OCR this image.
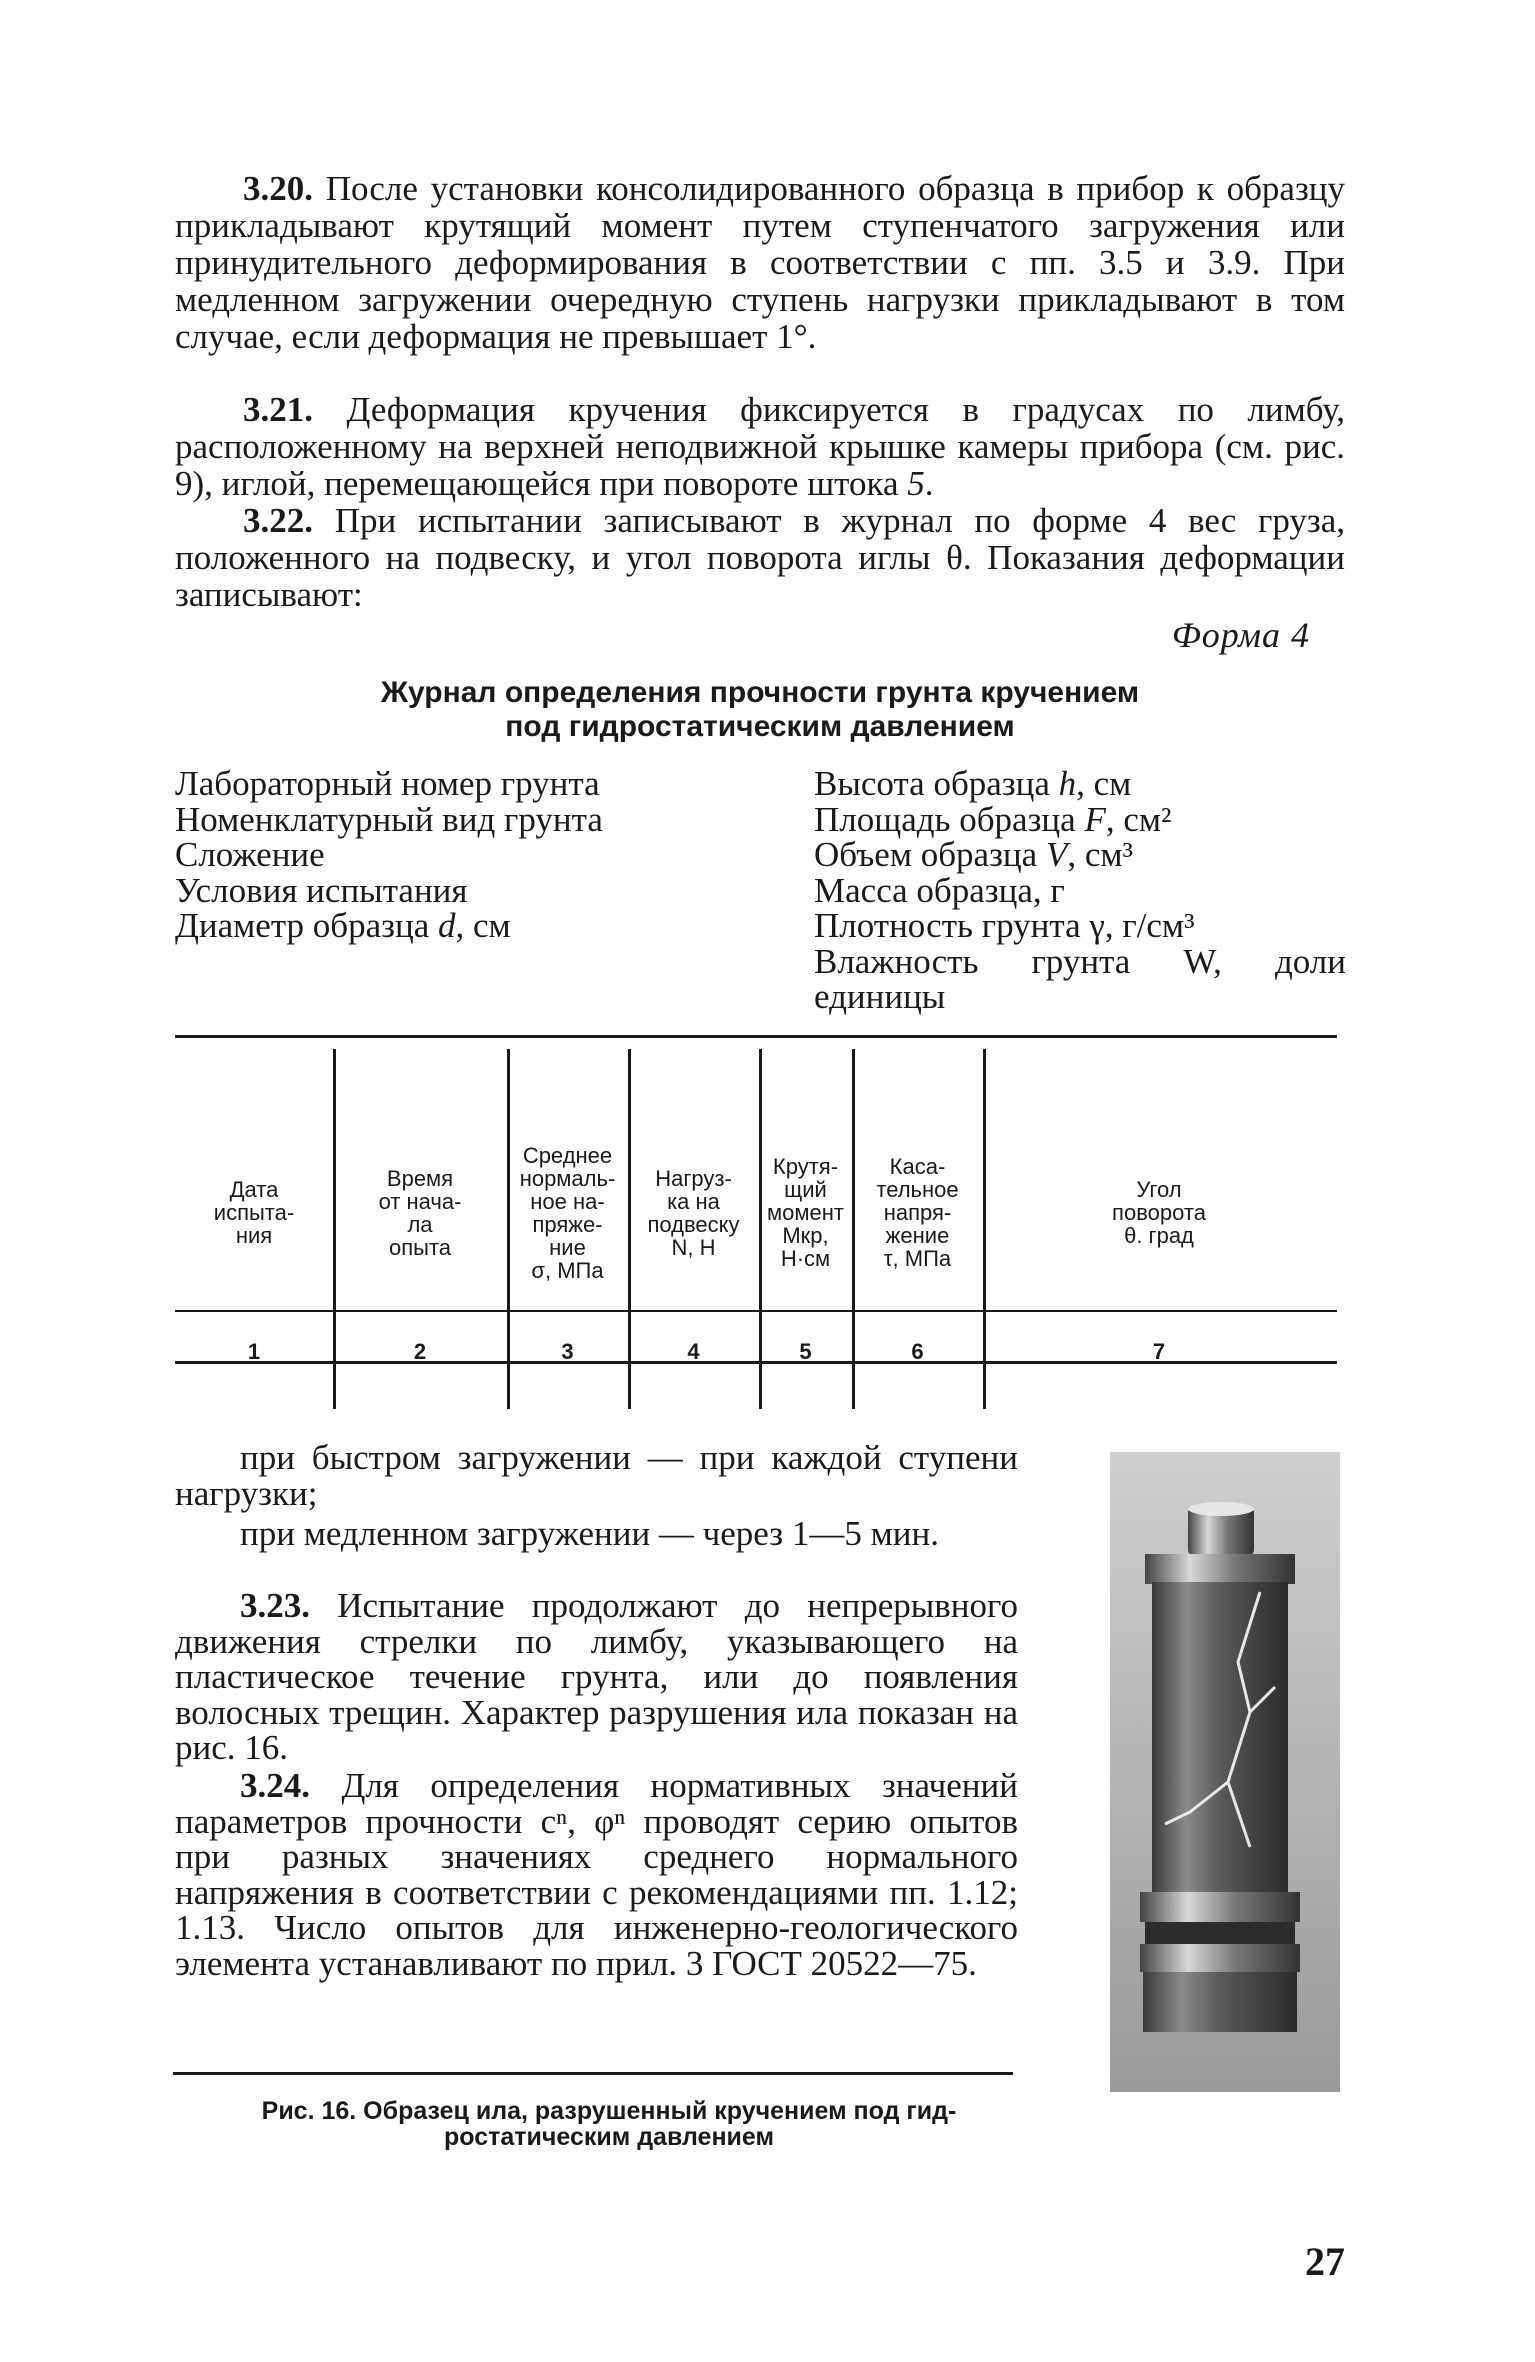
3.20. После установки консолидированного образца в прибор к образцу прикладывают крутящий момент путем ступенчатого загружения или принудительного деформирования в соответствии с пп. 3.5 и 3.9. При медленном загружении очередную ступень нагрузки прикладывают в том случае, если деформация не превышает 1°.

3.21. Деформация кручения фиксируется в градусах по лимбу, расположенному на верхней неподвижной крышке камеры прибора (см. рис. 9), иглой, перемещающейся при повороте штока 5.

3.22. При испытании записывают в журнал по форме 4 вес груза, положенного на подвеску, и угол поворота иглы θ. Показания деформации записывают:

Форма 4
Журнал определения прочности грунта кручением
под гидростатическим давлением
Лабораторный номер грунта
Номенклатурный вид грунта
Сложение
Условия испытания
Диаметр образца d, см
Высота образца h, см
Площадь образца F, см²
Объем образца V, см³
Масса образца, г
Плотность грунта γ, г/см³
Влажность грунта W, доли
единицы
Дата
испыта-
ния
1
Время
от нача-
ла
опыта
2
Среднее
нормаль-
ное на-
пряже-
ние
σ, МПа
3
Нагруз-
ка на
подвеску
N, Н
4
Крутя-
щий
момент
Mкр,
Н·см
5
Каса-
тельное
напря-
жение
τ, МПа
6
Угол
поворота
θ. град
7

при быстром загружении — при каждой ступени нагрузки;

при медленном загружении — через 1—5 мин.

3.23. Испытание продолжают до непрерывного движения стрелки по лимбу, указывающего на пластическое течение грунта, или до появления волосных трещин. Характер разрушения ила показан на рис. 16.

3.24. Для определения нормативных значений параметров прочности cⁿ, φⁿ проводят серию опытов при разных значениях среднего нормального напряжения в соответствии с рекомендациями пп. 1.12; 1.13. Число опытов для инженерно-геологического элемента устанавливают по прил. 3 ГОСТ 20522—75.

Рис. 16. Образец ила, разрушенный кручением под гид-
ростатическим давлением
27
